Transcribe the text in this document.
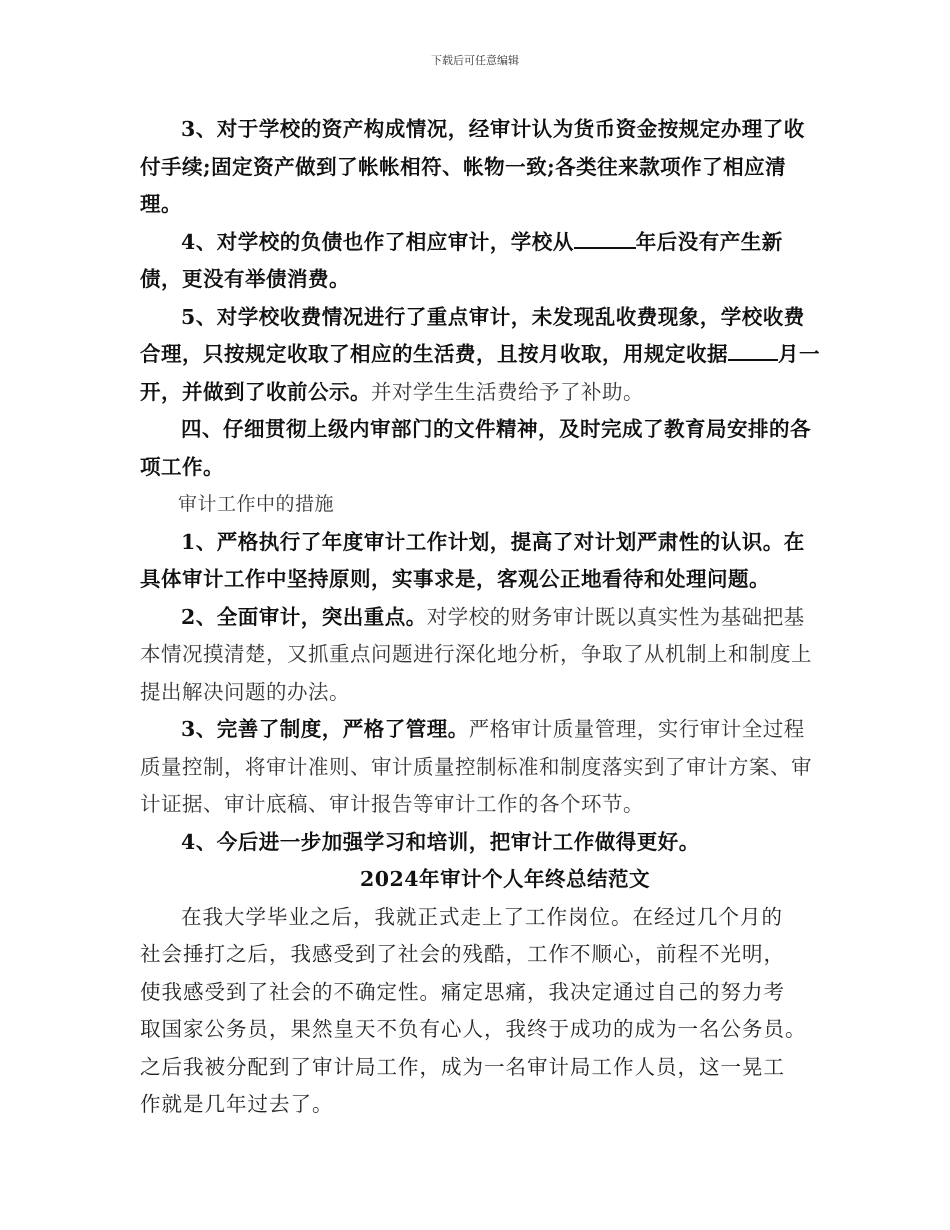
下载后可任意编辑

3、对于学校的资产构成情况，经审计认为货币资金按规定办理了收付手续;固定资产做到了帐帐相符、帐物一致;各类往来款项作了相应清理。

4、对学校的负债也作了相应审计，学校从	年后没有产生新债，更没有举债消费。

5、对学校收费情况进行了重点审计，未发现乱收费现象，学校收费合理，只按规定收取了相应的生活费，且按月收取，用规定收据 月一开，并做到了收前公示。并对学生生活费给予了补助。

四、仔细贯彻上级内审部门的文件精神，及时完成了教育局安排的各项工作。

审计工作中的措施

1、严格执行了年度审计工作计划，提高了对计划严肃性的认识。在具体审计工作中坚持原则，实事求是，客观公正地看待和处理问题。

2、全面审计，突出重点。对学校的财务审计既以真实性为基础把基本情况摸清楚，又抓重点问题进行深化地分析，争取了从机制上和制度上提出解决问题的办法。

3、完善了制度，严格了管理。严格审计质量管理，实行审计全过程质量控制，将审计准则、审计质量控制标准和制度落实到了审计方案、审计证据、审计底稿、审计报告等审计工作的各个环节。

4、今后进一步加强学习和培训，把审计工作做得更好。

2024年审计个人年终总结范文

在我大学毕业之后，我就正式走上了工作岗位。在经过几个月的

社会捶打之后，我感受到了社会的残酷，工作不顺心，前程不光明，

使我感受到了社会的不确定性。痛定思痛，我决定通过自己的努力考

取国家公务员，果然皇天不负有心人，我终于成功的成为一名公务员。

之后我被分配到了审计局工作，成为一名审计局工作人员，这一晃工

作就是几年过去了。
